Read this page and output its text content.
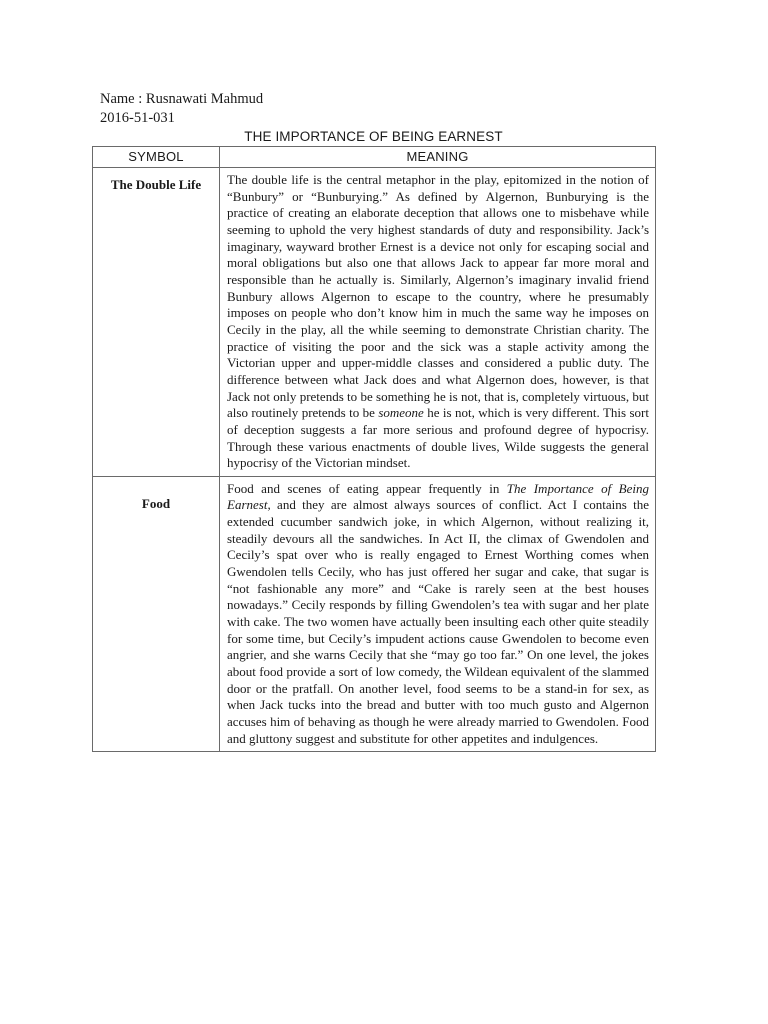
Name : Rusnawati Mahmud
2016-51-031
THE IMPORTANCE OF BEING EARNEST
SYMBOL	MEANING
The Double Life	The double life is the central metaphor in the play, epitomized in the notion of “Bunbury” or “Bunburying.” As defined by Algernon, Bunburying is the practice of creating an elaborate deception that allows one to misbehave while seeming to uphold the very highest standards of duty and responsibility. Jack’s imaginary, wayward brother Ernest is a device not only for escaping social and moral obligations but also one that allows Jack to appear far more moral and responsible than he actually is. Similarly, Algernon’s imaginary invalid friend Bunbury allows Algernon to escape to the country, where he presumably imposes on people who don’t know him in much the same way he imposes on Cecily in the play, all the while seeming to demonstrate Christian charity. The practice of visiting the poor and the sick was a staple activity among the Victorian upper and upper-middle classes and considered a public duty. The difference between what Jack does and what Algernon does, however, is that Jack not only pretends to be something he is not, that is, completely virtuous, but also routinely pretends to be someone he is not, which is very different. This sort of deception suggests a far more serious and profound degree of hypocrisy. Through these various enactments of double lives, Wilde suggests the general hypocrisy of the Victorian mindset.
Food	Food and scenes of eating appear frequently in The Importance of Being Earnest, and they are almost always sources of conflict. Act I contains the extended cucumber sandwich joke, in which Algernon, without realizing it, steadily devours all the sandwiches. In Act II, the climax of Gwendolen and Cecily’s spat over who is really engaged to Ernest Worthing comes when Gwendolen tells Cecily, who has just offered her sugar and cake, that sugar is “not fashionable any more” and “Cake is rarely seen at the best houses nowadays.” Cecily responds by filling Gwendolen’s tea with sugar and her plate with cake. The two women have actually been insulting each other quite steadily for some time, but Cecily’s impudent actions cause Gwendolen to become even angrier, and she warns Cecily that she “may go too far.” On one level, the jokes about food provide a sort of low comedy, the Wildean equivalent of the slammed door or the pratfall. On another level, food seems to be a stand-in for sex, as when Jack tucks into the bread and butter with too much gusto and Algernon accuses him of behaving as though he were already married to Gwendolen. Food and gluttony suggest and substitute for other appetites and indulgences.
